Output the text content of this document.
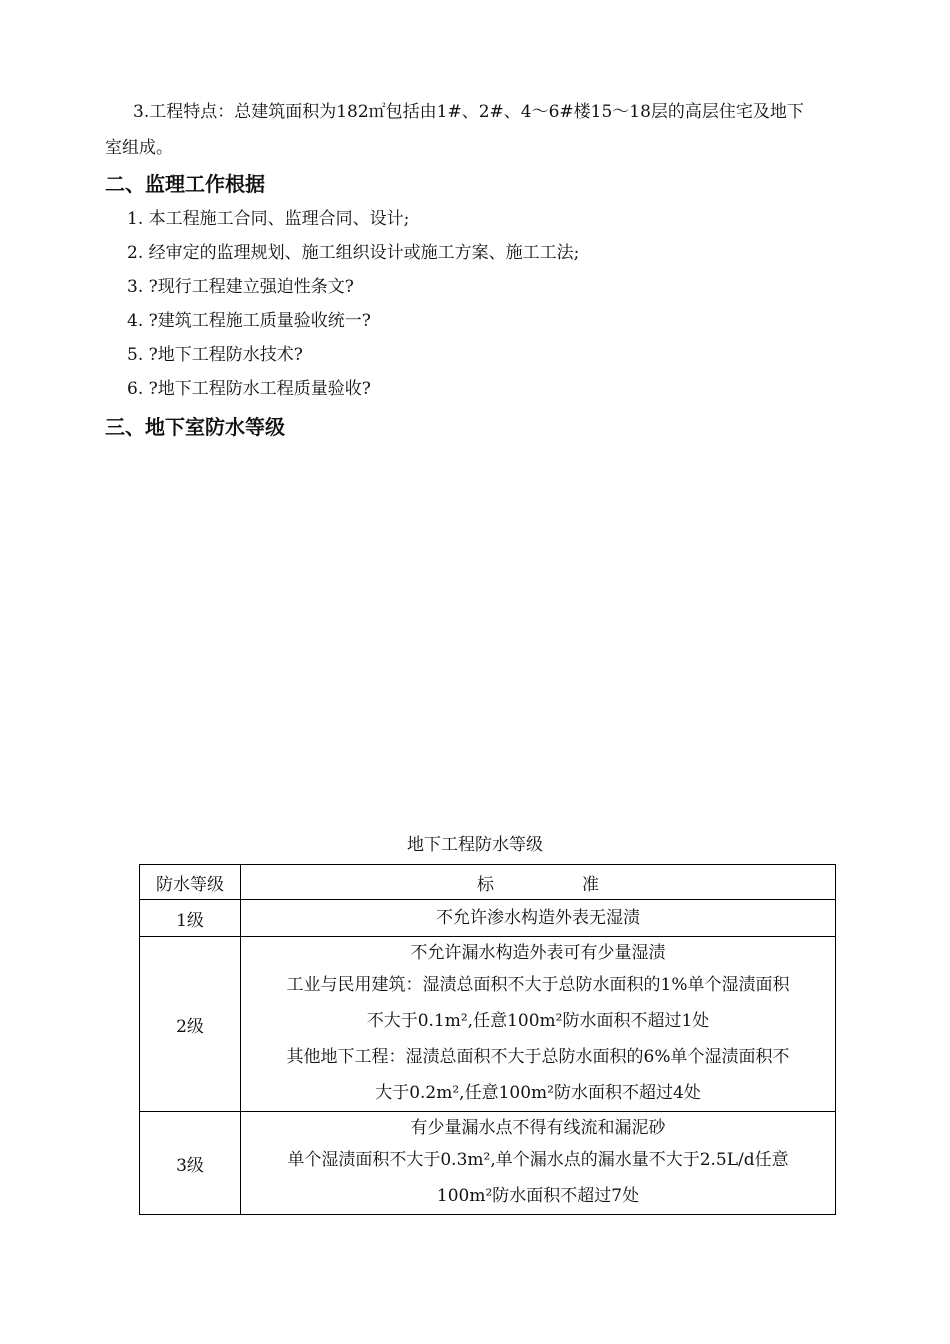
3.工程特点：总建筑面积为182㎡包括由1#、2#、4～6#楼15～18层的高层住宅及地下
室组成。
二、监理工作根据
1. 本工程施工合同、监理合同、设计;
2. 经审定的监理规划、施工组织设计或施工方案、施工工法;
3. ?现行工程建立强迫性条文?
4. ?建筑工程施工质量验收统一?
5. ?地下工程防水技术?
6. ?地下工程防水工程质量验收?
三、地下室防水等级
地下工程防水等级
防水等级	标 准
1级	不允许渗水构造外表无湿渍

2级	不允许漏水构造外表可有少量湿渍
工业与民用建筑：湿渍总面积不大于总防水面积的1%单个湿渍面积
不大于0.1m²,任意100m²防水面积不超过1处
其他地下工程：湿渍总面积不大于总防水面积的6%单个湿渍面积不
大于0.2m²,任意100m²防水面积不超过4处

3级	有少量漏水点不得有线流和漏泥砂
单个湿渍面积不大于0.3m²,单个漏水点的漏水量不大于2.5L/d任意
100m²防水面积不超过7处
